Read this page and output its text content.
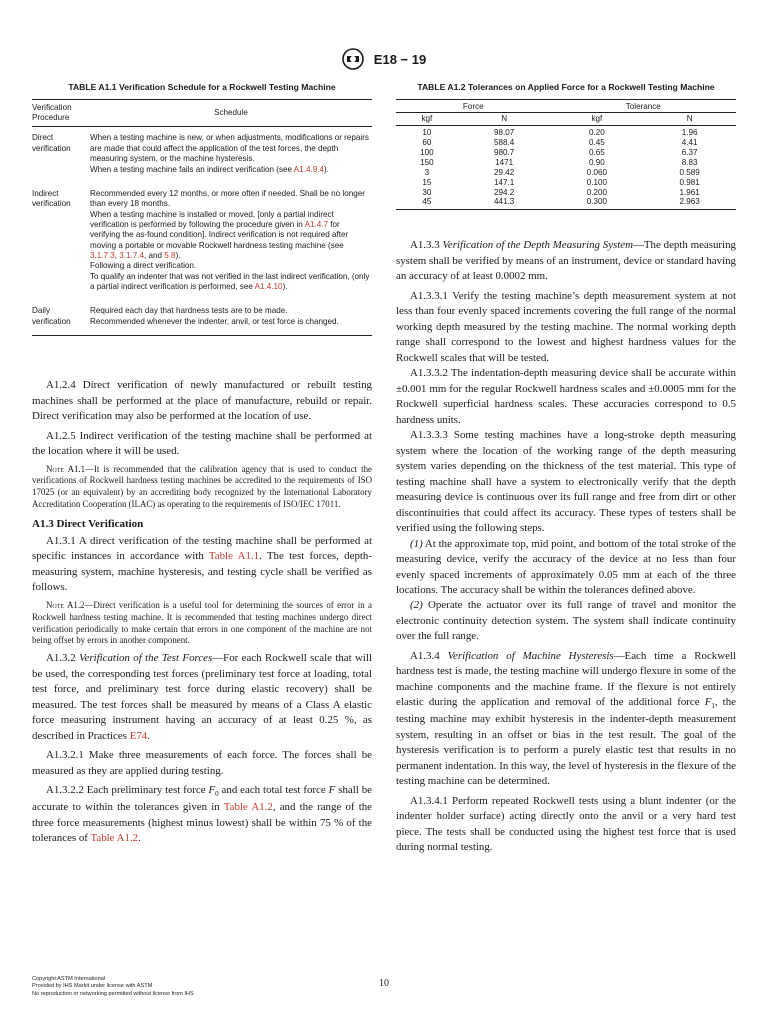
E18 − 19
TABLE A1.1 Verification Schedule for a Rockwell Testing Machine
Verification Procedure	Schedule
Direct verification	When a testing machine is new, or when adjustments, modifications or repairs are made that could affect the application of the test forces, the depth measuring system, or the machine hysteresis.
When a testing machine fails an indirect verification (see A1.4.9.4).

Indirect verification	Recommended every 12 months, or more often if needed. Shall be no longer than every 18 months.
When a testing machine is installed or moved, [only a partial indirect verification is performed by following the procedure given in A1.4.7 for verifying the as-found condition]. Indirect verification is not required after moving a portable or movable Rockwell hardness testing machine (see 3.1.7.3, 3.1.7.4, and 5.8).
Following a direct verification.
To qualify an indenter that was not verified in the last indirect verification, (only a partial indirect verification is performed, see A1.4.10).

Daily verification	Required each day that hardness tests are to be made.
Recommended whenever the indenter, anvil, or test force is changed.

A1.2.4 Direct verification of newly manufactured or rebuilt testing machines shall be performed at the place of manufacture, rebuild or repair. Direct verification may also be performed at the location of use.

A1.2.5 Indirect verification of the testing machine shall be performed at the location where it will be used.

Note A1.1—It is recommended that the calibration agency that is used to conduct the verifications of Rockwell hardness testing machines be accredited to the requirements of ISO 17025 (or an equivalent) by an accrediting body recognized by the International Laboratory Accreditation Cooperation (ILAC) as operating to the requirements of ISO/IEC 17011.

A1.3 Direct Verification

A1.3.1 A direct verification of the testing machine shall be performed at specific instances in accordance with Table A1.1. The test forces, depth-measuring system, machine hysteresis, and testing cycle shall be verified as follows.

Note A1.2—Direct verification is a useful tool for determining the sources of error in a Rockwell hardness testing machine. It is recommended that testing machines undergo direct verification periodically to make certain that errors in one component of the machine are not being offset by errors in another component.

A1.3.2 Verification of the Test Forces—For each Rockwell scale that will be used, the corresponding test forces (preliminary test force at loading, total test force, and preliminary test force during elastic recovery) shall be measured. The test forces shall be measured by means of a Class A elastic force measuring instrument having an accuracy of at least 0.25 %, as described in Practices E74.

A1.3.2.1 Make three measurements of each force. The forces shall be measured as they are applied during testing.

A1.3.2.2 Each preliminary test force $F_0$ and each total test force F shall be accurate to within the tolerances given in Table A1.2, and the range of the three force measurements (highest minus lowest) shall be within 75 % of the tolerances of Table A1.2.

TABLE A1.2 Tolerances on Applied Force for a Rockwell Testing Machine
Force		Tolerance	
kgf	N	kgf	N
10	98.07	0.20	1.96
60	588.4	0.45	4.41
100	980.7	0.65	6.37
150	1471	0.90	8.83
3	29.42	0.060	0.589
15	147.1	0.100	0.981
30	294.2	0.200	1.961
45	441.3	0.300	2.963

A1.3.3 Verification of the Depth Measuring System—The depth measuring system shall be verified by means of an instrument, device or standard having an accuracy of at least 0.0002 mm.

A1.3.3.1 Verify the testing machine’s depth measurement system at not less than four evenly spaced increments covering the full range of the normal working depth measured by the testing machine. The normal working depth range shall correspond to the lowest and highest hardness values for the Rockwell scales that will be tested.

A1.3.3.2 The indentation-depth measuring device shall be accurate within ±0.001 mm for the regular Rockwell hardness scales and ±0.0005 mm for the Rockwell superficial hardness scales. These accuracies correspond to 0.5 hardness units.

A1.3.3.3 Some testing machines have a long-stroke depth measuring system where the location of the working range of the depth measuring system varies depending on the thickness of the test material. This type of testing machine shall have a system to electronically verify that the depth measuring device is continuous over its full range and free from dirt or other discontinuities that could affect its accuracy. These types of testers shall be verified using the following steps.

(1) At the approximate top, mid point, and bottom of the total stroke of the measuring device, verify the accuracy of the device at no less than four evenly spaced increments of approximately 0.05 mm at each of the three locations. The accuracy shall be within the tolerances defined above.

(2) Operate the actuator over its full range of travel and monitor the electronic continuity detection system. The system shall indicate continuity over the full range.

A1.3.4 Verification of Machine Hysteresis—Each time a Rockwell hardness test is made, the testing machine will undergo flexure in some of the machine components and the machine frame. If the flexure is not entirely elastic during the application and removal of the additional force $F_1$, the testing machine may exhibit hysteresis in the indenter-depth measurement system, resulting in an offset or bias in the test result. The goal of the hysteresis verification is to perform a purely elastic test that results in no permanent indentation. In this way, the level of hysteresis in the flexure of the testing machine can be determined.

A1.3.4.1 Perform repeated Rockwell tests using a blunt indenter (or the indenter holder surface) acting directly onto the anvil or a very hard test piece. The tests shall be conducted using the highest test force that is used during normal testing.

Copyright ASTM International
Provided by IHS Markit under license with ASTM
No reproduction or networking permitted without license from IHS
10
